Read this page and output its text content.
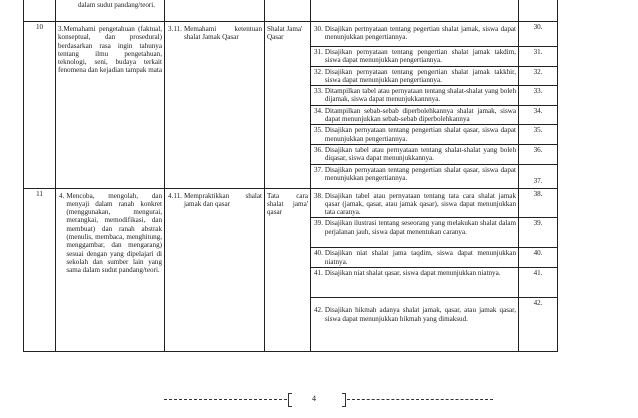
	dalam sudut pandang/teori.				
10	3.Memahami pengetahuan (faktual, konseptual, dan prosedural) berdasarkan rasa ingin tahunya tentang ilmu pengetahuan, teknologi, seni, budaya terkait fenomena dan kejadian tampak mata	3.11. Memahami ketentuan shalat Jamak Qasar	Shalat Jama' Qasar	30. Disajikan pertnyataan tentang pegertian shalat jamak, siswa dapat menunjukkan pengertiannya.	30.

				31. Disajikan pernyataan tentang pengertian shalat jamak takdim, siswa dapat menunjukkan pengertiannya.	31.

				32. Disajikan pernyataan tentang pengertian shalat jamak takkhir, siswa dapat menunjukkan pengertiannya.	32.

				33. Ditampilkan tabel atau pernyataan tentang shalat-shalat yang boleh dijamak, siswa dapat menunjukkannnya.	33.

				34. Ditampilkan sebab-sebab diperbolehkannya shalat jamak, siswa dapat menunjukkan sebab-sebab diperbolehkannya	34.

				35. Disajikan pernyataan tentang pengertian shalat qasar, siswa dapat menunjukkan pengertiannya.	35.

				36. Disajikan tabel atau pernyataan tentang shalat-shalat yang boleh diqasar, siswa dapat menunjukkannya.	36.

				37. Disajikan pernyataan tentang pengertian shalat qasar, siswa dapat menunjukkan pengertiannya.	37.
11	4. Mencoba, mengolah, dan menyaji dalam ranah konkret (menggunakan, mengurai, merangkai, memodifikasi, dan membuat) dan ranah abstrak (menulis, membaca, menghitung, menggambar, dan mengarang) sesuai dengan yang dipelajari di sekolah dan sumber lain yang sama dalam sudut pandang/teori.	4.11. Mempraktikkan shalat jamak dan qasar	Tata cara shalat jama' qasar	38. Disajikan tabel atau pernyataan tentang tata cara shalat jamak qasar (jamak, qasar, atau jamak qasar), siswa dapat menunjukkan tata caranya.	38.

				39. Disajikan ilustrasi tentang seseorang yang melakukan shalat dalam perjalanan jauh, siswa dapat menentukan caranya.	39.

				40. Disajikan niat shalat jama taqdim, siswa dapat menunjukkan niatnya.	40.

				41. Disajikan niat shalat qasar, siswa dapat menunjukkan niatnya.	41.

				42. Disajikan hikmah adanya shalat jamak, qasar, atau jamak qasar, siswa dapat menunjukkan hikmah yang dimaksud.	42.
4
